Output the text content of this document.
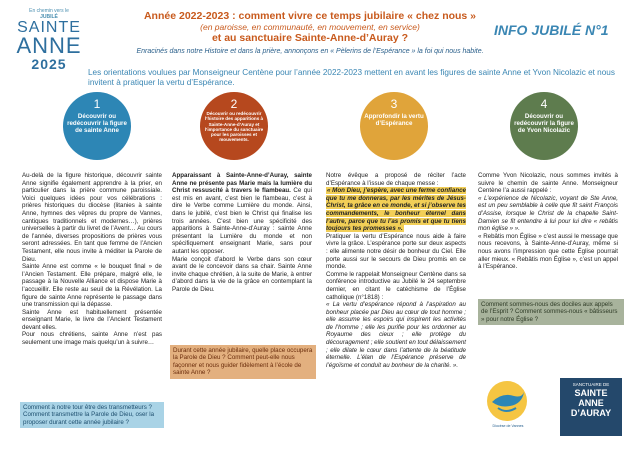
En chemin vers le
JUBILÉ
SAINTE
ANNE
2025
Année 2022-2023 : comment vivre ce temps jubilaire « chez nous »
(en paroisse, en communauté, en mouvement, en service)
et au sanctuaire Sainte-Anne-d’Auray ?
Enracinés dans notre Histoire et dans la prière, annonçons en « Pèlerins de l’Espérance » la foi qui nous habite.
INFO JUBILÉ N°1
Les orientations voulues par Monseigneur Centène pour l’année 2022-2023 mettent en avant les figures de sainte Anne et Yvon Nicolazic et nous invitent à pratiquer la vertu d’Espérance.
1
Découvrir ou redécouvrir la figure de sainte Anne
2
Découvrir ou redécouvrir l’histoire des apparitions à Sainte-Anne-d’Auray et l’importance du sanctuaire pour les paroisses et mouvements.
3
Approfondir la vertu d’Espérance
4
Découvrir ou redécouvrir la figure de Yvon Nicolazic

Au-delà de la figure historique, découvrir sainte Anne signifie également apprendre à la prier, en particulier dans la prière commune paroissiale. Voici quelques idées pour vos célébrations : prières historiques du diocèse (litanies à sainte Anne, hymnes des vêpres du propre de Vannes, cantiques traditionnels et modernes…), prières universelles à partir du livret de l’Avent… Au cours de l’année, diverses propositions de prières vous seront adressées. En tant que femme de l’Ancien Testament, elle nous invite à méditer la Parole de Dieu.

Sainte Anne est comme « le bouquet final » de l’Ancien Testament. Elle prépare, malgré elle, le passage à la Nouvelle Alliance et dispose Marie à l’accueillir. Elle reste au seuil de la Révélation. La figure de sainte Anne représente le passage dans une transmission qui la dépasse.

Sainte Anne est habituellement présentée enseignant Marie, le livre de l’Ancient Testament devant elles.

Pour nous chrétiens, sainte Anne n’est pas seulement une image mais quelqu’un à suivre…

Comment à notre tour être des transmetteurs ? Comment transmettre la Parole de Dieu, oser la proposer durant cette année jubilaire ?

Apparaissant à Sainte-Anne-d’Auray, sainte Anne ne présente pas Marie mais la lumière du Christ ressuscité à travers le flambeau. Ce qui est mis en avant, c’est bien le flambeau, c’est à dire le Verbe comme Lumière du monde. Ainsi, dans le jubilé, c’est bien le Christ qui finalise les trois années. C’est bien une spécificité des apparitions à Sainte-Anne-d’Auray : sainte Anne présentant la Lumière du monde et non spécifiquement enseignant Marie, sans pour autant les opposer.

Marie conçoit d’abord le Verbe dans son cœur avant de le concevoir dans sa chair. Sainte Anne invite chaque chrétien, à la suite de Marie, à entrer d’abord dans la vie de la grâce en contemplant la Parole de Dieu.

Durant cette année jubilaire, quelle place occupera la Parole de Dieu ? Comment peut-elle nous façonner et nous guider fidèlement à l’école de sainte Anne ?

Notre évêque a proposé de réciter l’acte d’Espérance à l’issue de chaque messe :

« Mon Dieu, j’espère, avec une ferme confiance que tu me donneras, par les mérites de Jésus-Christ, ta grâce en ce monde, et si j’observe tes commandements, le bonheur éternel dans l’autre, parce que tu l’as promis et que tu tiens toujours tes promesses ».

Pratiquer la vertu d’Espérance nous aide à faire vivre la grâce. L’espérance porte sur deux aspects : elle alimente notre désir de bonheur du Ciel. Elle porte aussi sur le secours de Dieu promis en ce monde.

Comme le rappelait Monseigneur Centène dans sa conférence introductive au Jubilé le 24 septembre dernier, en citant le catéchisme de l’Église catholique (n°1818) :

« La vertu d’espérance répond à l’aspiration au bonheur placée par Dieu au cœur de tout homme ; elle assume les espoirs qui inspirent les activités de l’homme ; elle les purifie pour les ordonner au Royaume des cieux ; elle protège du découragement ; elle soutient en tout délaissement ; elle dilate le cœur dans l’attente de la béatitude éternelle. L’élan de l’Espérance préserve de l’égoïsme et conduit au bonheur de la charité. ».

Comme Yvon Nicolazic, nous sommes invités à suivre le chemin de sainte Anne. Monseigneur Centène l’a aussi rappelé :

« L’expérience de Nicolazic, voyant de Ste Anne, est un peu semblable à celle que fit saint François d’Assise, lorsque le Christ de la chapelle Saint-Damien se fit entendre à lui pour lui dire « rebâtis mon église » ».

« Rebâtis mon Église » c’est aussi le message que nous recevons, à Sainte-Anne-d’Auray, même si nous avons l’impression que cette Église pourrait aller mieux. « Rebâtis mon Église », c’est un appel à l’Espérance.

Comment sommes-nous des dociles aux appels de l’Esprit ? Comment sommes-nous « bâtisseurs » pour notre Église ?
Diocèse de Vannes
SANCTUAIRE DE
SAINTE
ANNE
D’AURAY
